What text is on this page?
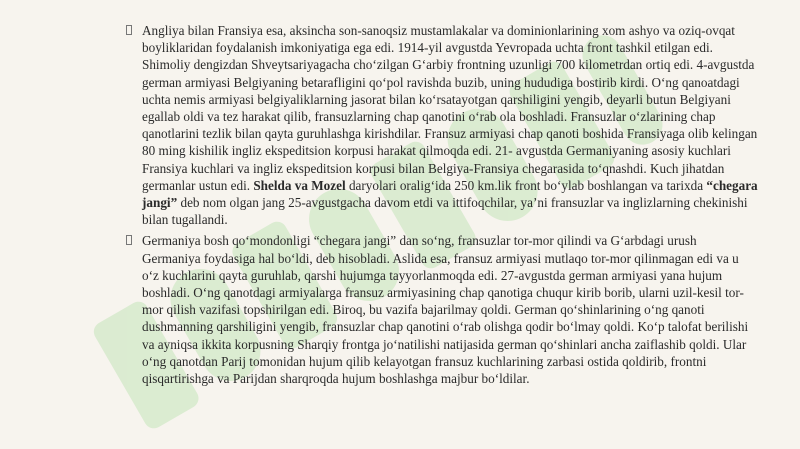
Angliya bilan Fransiya esa, aksincha son-sanoqsiz mustamlakalar va dominionlarining xom ashyo va oziq-ovqat boyliklaridan foydalanish imkoniyatiga ega edi. 1914-yil avgustda Yevropada uchta front tashkil etilgan edi. Shimoliy dengizdan Shveytsariyagacha cho‘zilgan G‘arbiy frontning uzunligi 700 kilometrdan ortiq edi. 4-avgustda german armiyasi Belgiyaning betarafligini qo‘pol ravishda buzib, uning hududiga bostirib kirdi. O‘ng qanoatdagi uchta nemis armiyasi belgiyaliklarning jasorat bilan ko‘rsatayotgan qarshiligini yengib, deyarli butun Belgiyani egallab oldi va tez harakat qilib, fransuzlarning chap qanotini o‘rab ola boshladi. Fransuzlar o‘zlarining chap qanotlarini tezlik bilan qayta guruhlashga kirishdilar. Fransuz armiyasi chap qanoti boshida Fransiyaga olib kelingan 80 ming kishilik ingliz ekspeditsion korpusi harakat qilmoqda edi. 21- avgustda Germaniyaning asosiy kuchlari Fransiya kuchlari va ingliz ekspeditsion korpusi bilan Belgiya-Fransiya chegarasida to‘qnashdi. Kuch jihatdan germanlar ustun edi. Shelda va Mozel daryolari oralig‘ida 250 km.lik front bo‘ylab boshlangan va tarixda “chegara jangi” deb nom olgan jang 25-avgustgacha davom etdi va ittifoqchilar, ya’ni fransuzlar va inglizlarning chekinishi bilan tugallandi.

Germaniya bosh qo‘mondonligi “chegara jangi” dan so‘ng, fransuzlar tor-mor qilindi va G‘arbdagi urush Germaniya foydasiga hal bo‘ldi, deb hisobladi. Aslida esa, fransuz armiyasi mutlaqo tor-mor qilinmagan edi va u o‘z kuchlarini qayta guruhlab, qarshi hujumga tayyorlanmoqda edi. 27-avgustda german armiyasi yana hujum boshladi. O‘ng qanotdagi armiyalarga fransuz armiyasining chap qanotiga chuqur kirib borib, ularni uzil-kesil tor-mor qilish vazifasi topshirilgan edi. Biroq, bu vazifa bajarilmay qoldi. German qo‘shinlarining o‘ng qanoti dushmanning qarshiligini yengib, fransuzlar chap qanotini o‘rab olishga qodir bo‘lmay qoldi. Ko‘p talofat berilishi va ayniqsa ikkita korpusning Sharqiy frontga jo‘natilishi natijasida german qo‘shinlari ancha zaiflashib qoldi. Ular o‘ng qanotdan Parij tomonidan hujum qilib kelayotgan fransuz kuchlarining zarbasi ostida qoldirib, frontni qisqartirishga va Parijdan sharqroqda hujum boshlashga majbur bo‘ldilar.
